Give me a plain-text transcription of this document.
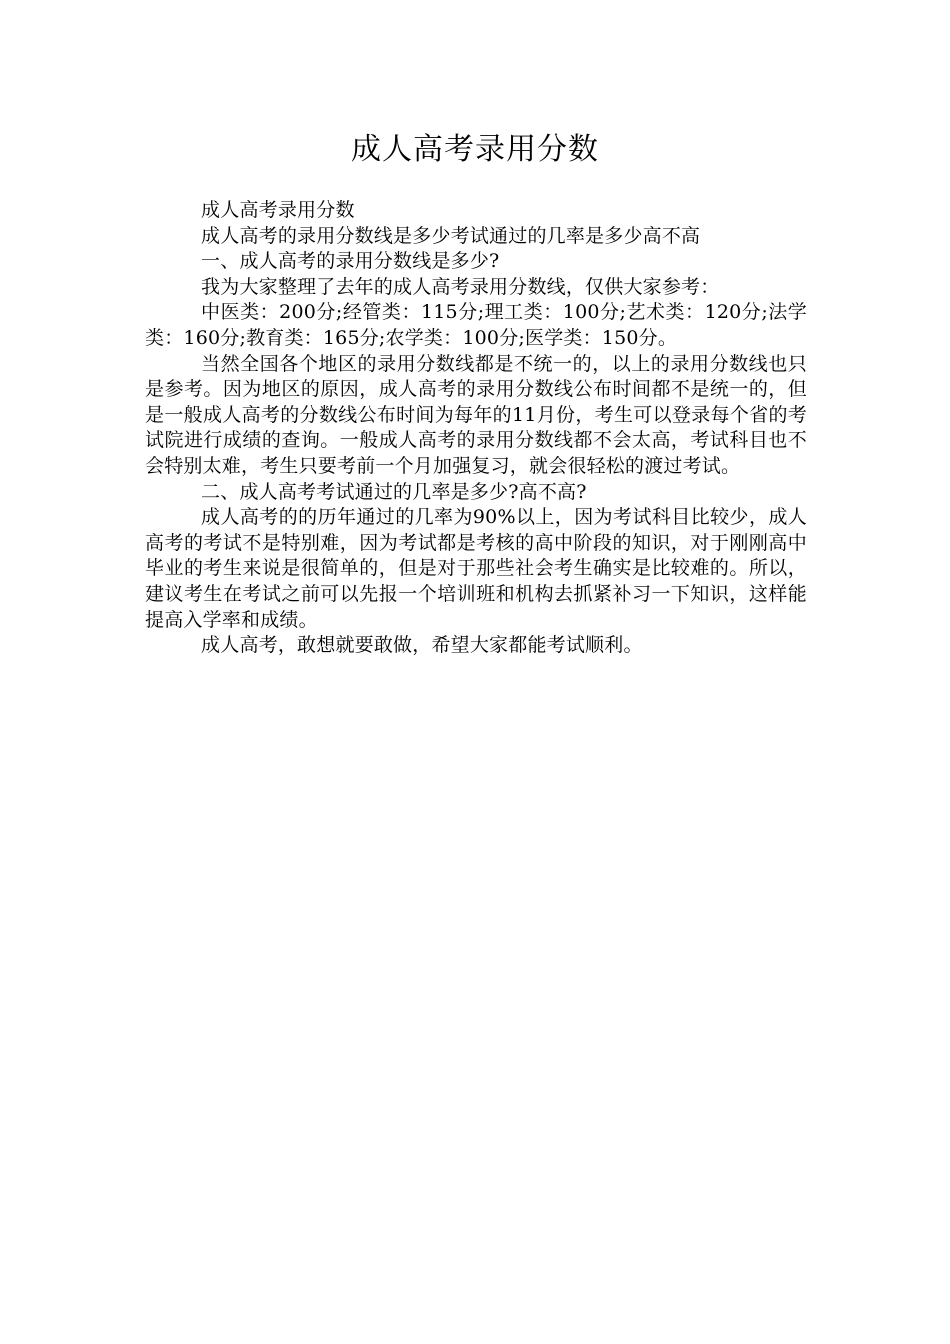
成人高考录用分数

成人高考录用分数

成人高考的录用分数线是多少考试通过的几率是多少高不高

一、成人高考的录用分数线是多少?

我为大家整理了去年的成人高考录用分数线，仅供大家参考：

中医类：200分;经管类：115分;理工类：100分;艺术类：120分;法学类：160分;教育类：165分;农学类：100分;医学类：150分。

当然全国各个地区的录用分数线都是不统一的，以上的录用分数线也只是参考。因为地区的原因，成人高考的录用分数线公布时间都不是统一的，但是一般成人高考的分数线公布时间为每年的11月份，考生可以登录每个省的考试院进行成绩的查询。一般成人高考的录用分数线都不会太高，考试科目也不会特别太难，考生只要考前一个月加强复习，就会很轻松的渡过考试。

二、成人高考考试通过的几率是多少?高不高?

成人高考的的历年通过的几率为90%以上，因为考试科目比较少，成人高考的考试不是特别难，因为考试都是考核的高中阶段的知识，对于刚刚高中毕业的考生来说是很简单的，但是对于那些社会考生确实是比较难的。所以，建议考生在考试之前可以先报一个培训班和机构去抓紧补习一下知识，这样能提高入学率和成绩。

成人高考，敢想就要敢做，希望大家都能考试顺利。
